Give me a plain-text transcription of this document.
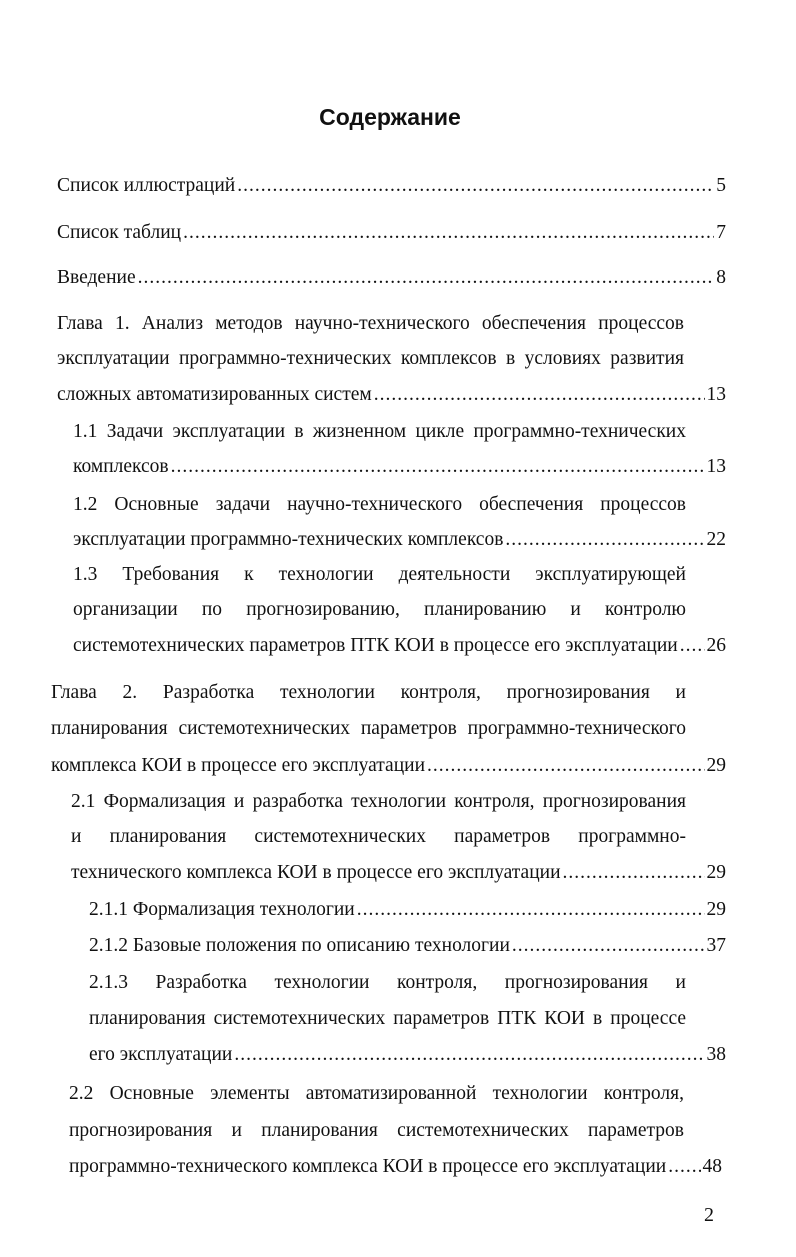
Содержание
Список иллюстраций .....	5
Список таблиц .....	7
Введение .....	8
Глава 1. Анализ методов научно-технического обеспечения процессов
эксплуатации программно-технических комплексов в условиях развития
сложных автоматизированных систем .....	13
1.1 Задачи эксплуатации в жизненном цикле программно-технических
комплексов .....	13
1.2 Основные задачи научно-технического обеспечения процессов
эксплуатации программно-технических комплексов .....	22
1.3 Требования к технологии деятельности эксплуатирующей
организации по прогнозированию, планированию и контролю
системотехнических параметров ПТК КОИ в процессе его эксплуатации ..... 26
Глава 2. Разработка технологии контроля, прогнозирования и
планирования системотехнических параметров программно-технического
комплекса КОИ в процессе его эксплуатации .....	29
2.1 Формализация и разработка технологии контроля, прогнозирования
и планирования системотехнических параметров программно-
технического комплекса КОИ в процессе его эксплуатации .....	29
2.1.1 Формализация технологии .....	29
2.1.2 Базовые положения по описанию технологии .....	37
2.1.3 Разработка технологии контроля, прогнозирования и
планирования системотехнических параметров ПТК КОИ в процессе
его эксплуатации .....	38
2.2 Основные элементы автоматизированной технологии контроля,
прогнозирования и планирования системотехнических параметров
программно-технического комплекса КОИ в процессе его эксплуатации ..... 48
2
